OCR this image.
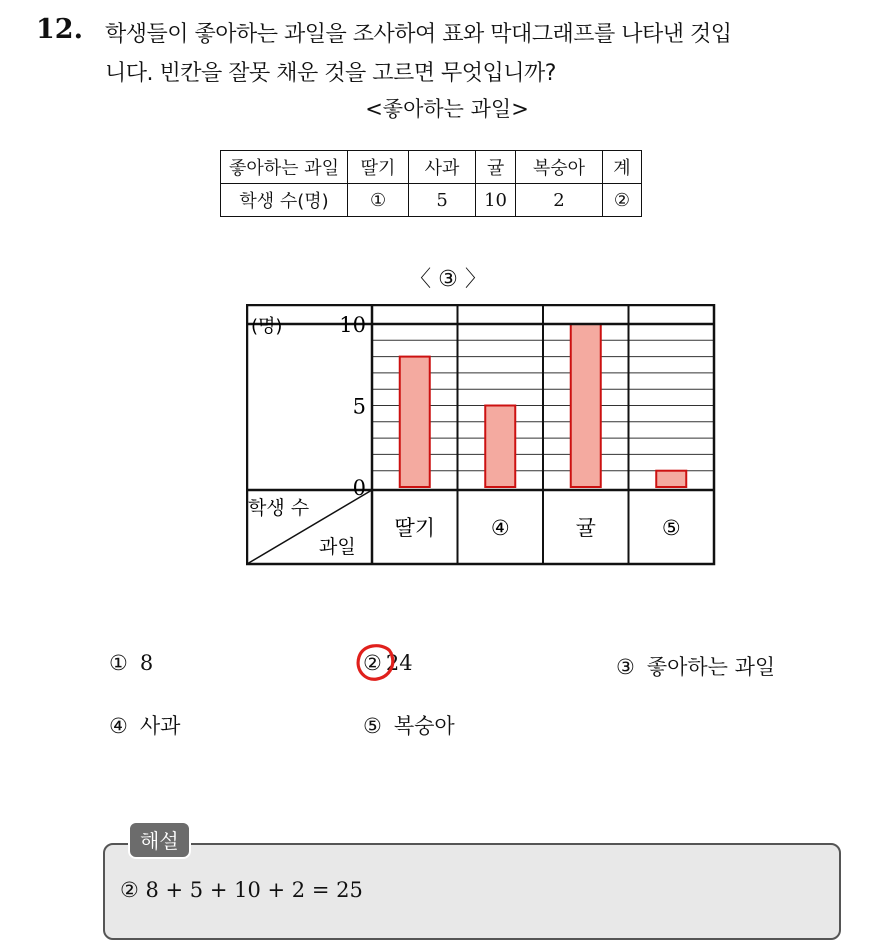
12. 학생들이 좋아하는 과일을 조사하여 표와 막대그래프를 나타낸 것입
니다. 빈칸을 잘못 채운 것을 고르면 무엇입니까?
<좋아하는 과일>
좋아하는 과일	딸기	사과	귤	복숭아	계
학생 수(명)	①	5	10	2	②
〈 ③ 〉
(명)
0
5
10
학생 수
과일
딸기	④	귤	⑤
① 8	② 24	③ 좋아하는 과일
④ 사과	⑤ 복숭아
해설
② 8 + 5 + 10 + 2 = 25
